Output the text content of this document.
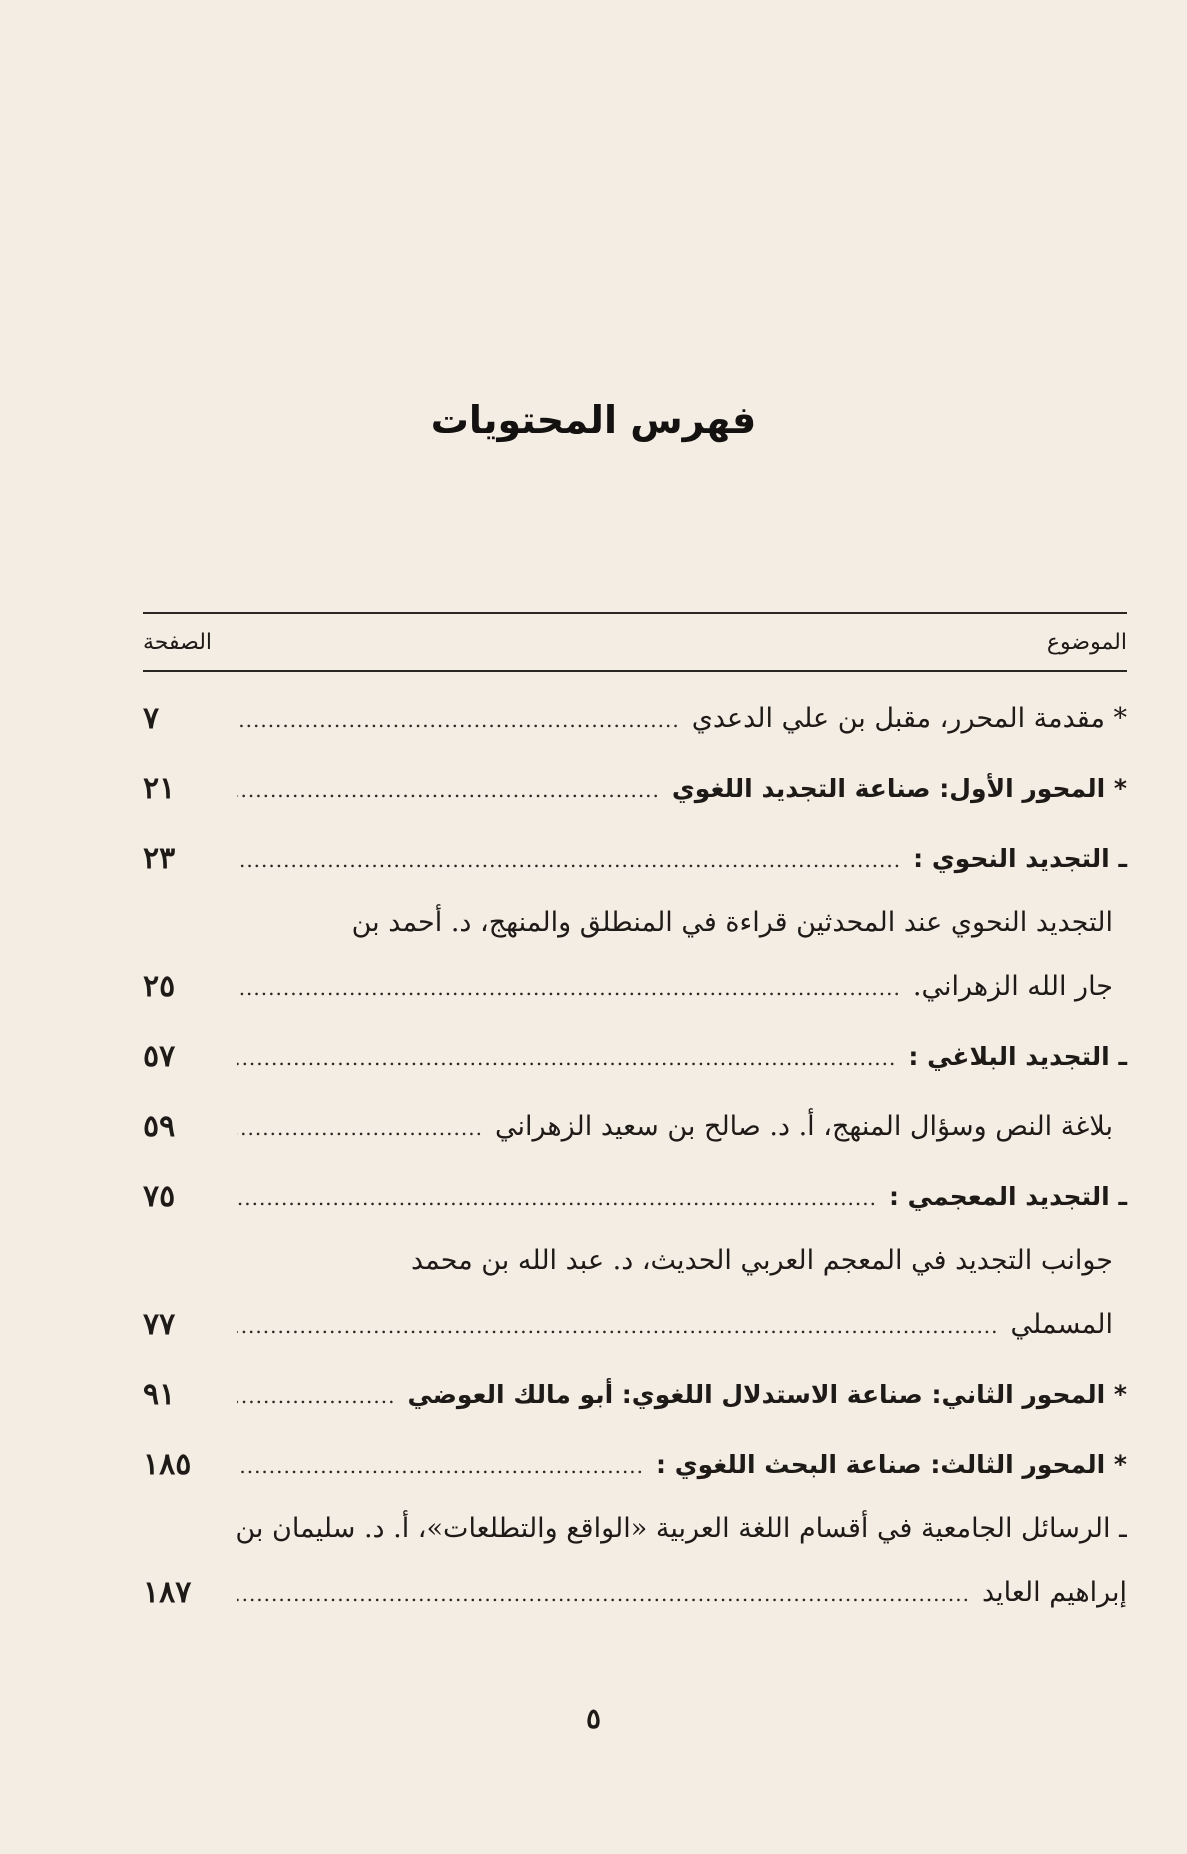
فهرس المحتويات
الموضوع
الصفحة
* مقدمة المحرر، مقبل بن علي الدعدي
.....
٧
* المحور الأول: صناعة التجديد اللغوي
.....
٢١
ـ التجديد النحوي :
.....
٢٣
التجديد النحوي عند المحدثين قراءة في المنطلق والمنهج، د. أحمد بن
جار الله الزهراني.
.....
٢٥
ـ التجديد البلاغي :
.....
٥٧
بلاغة النص وسؤال المنهج، أ. د. صالح بن سعيد الزهراني
.....
٥٩
ـ التجديد المعجمي :
.....
٧٥
جوانب التجديد في المعجم العربي الحديث، د. عبد الله بن محمد
المسملي
.....
٧٧
* المحور الثاني: صناعة الاستدلال اللغوي:

أبو مالك العوضي
.....
٩١
* المحور الثالث: صناعة البحث اللغوي :
.....
١٨٥
ـ الرسائل الجامعية في أقسام اللغة العربية «الواقع والتطلعات»، أ. د. سليمان بن
إبراهيم العايد
.....
١٨٧
٥
